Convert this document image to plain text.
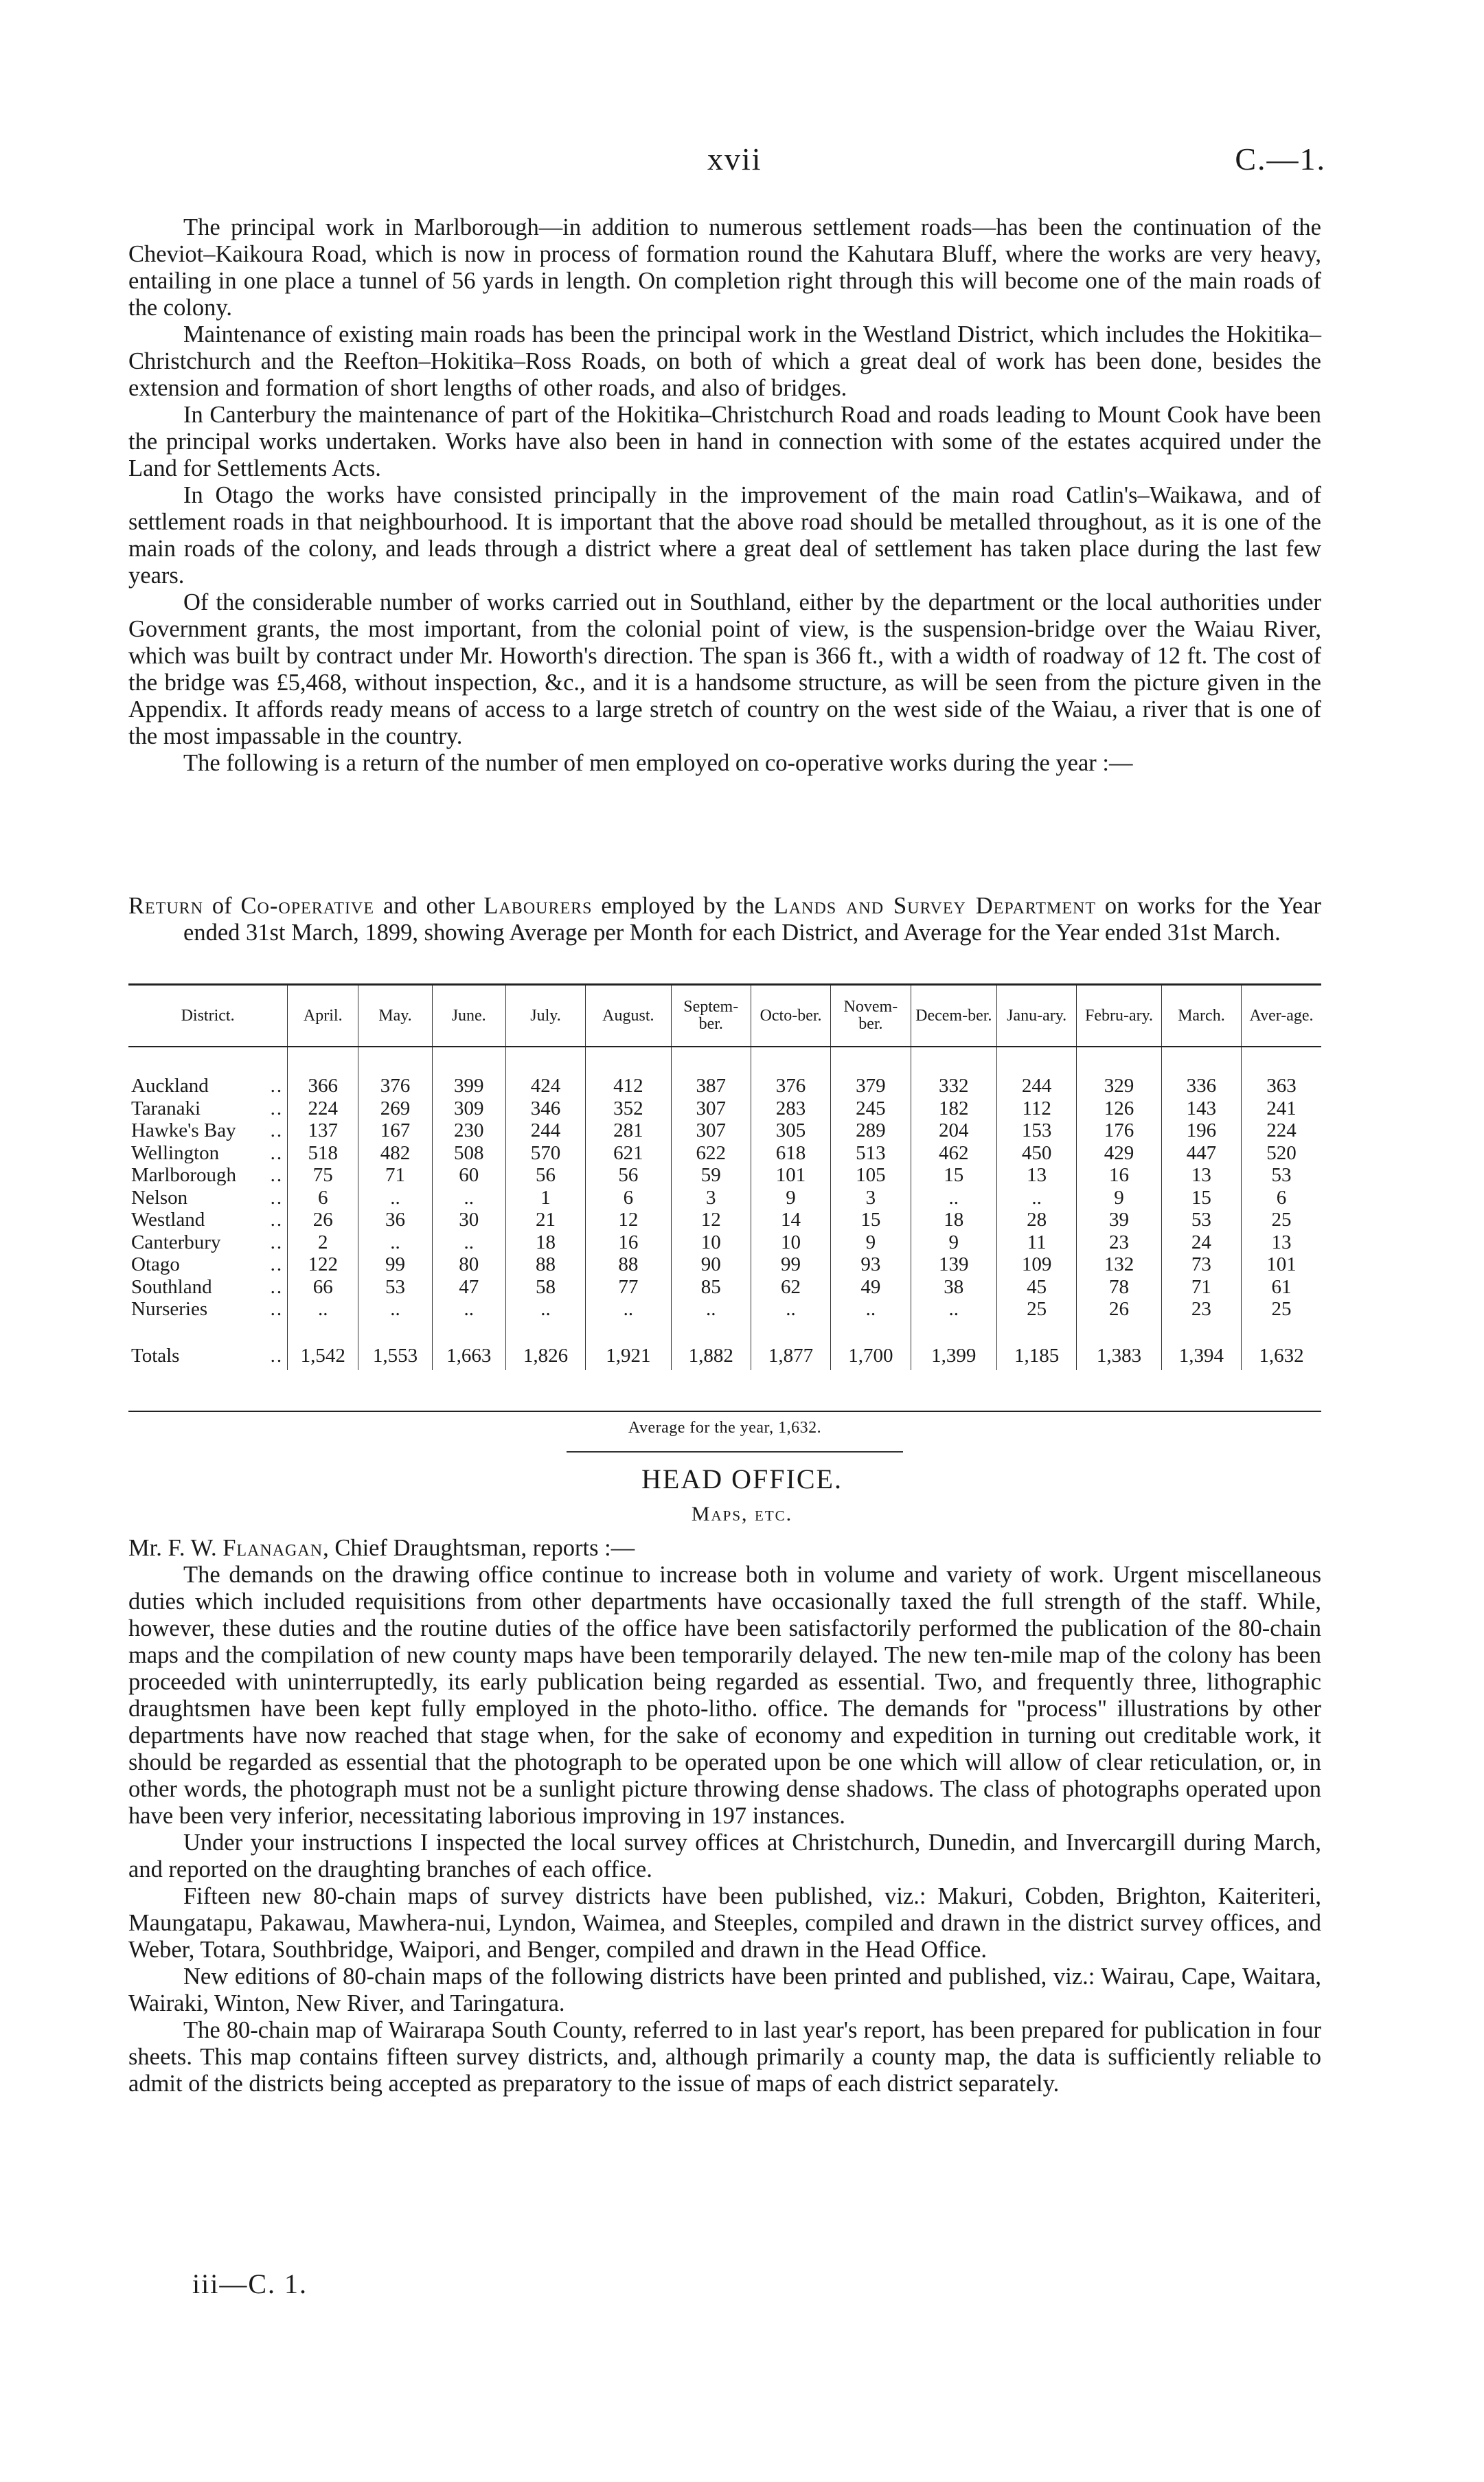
xvii	C.—1.

The principal work in Marlborough—in addition to numerous settlement roads—has been the continuation of the Cheviot–Kaikoura Road, which is now in process of formation round the Kahutara Bluff, where the works are very heavy, entailing in one place a tunnel of 56 yards in length. On completion right through this will become one of the main roads of the colony.

Maintenance of existing main roads has been the principal work in the Westland District, which includes the Hokitika–Christchurch and the Reefton–Hokitika–Ross Roads, on both of which a great deal of work has been done, besides the extension and formation of short lengths of other roads, and also of bridges.

In Canterbury the maintenance of part of the Hokitika–Christchurch Road and roads leading to Mount Cook have been the principal works undertaken. Works have also been in hand in connection with some of the estates acquired under the Land for Settlements Acts.

In Otago the works have consisted principally in the improvement of the main road Catlin's–Waikawa, and of settlement roads in that neighbourhood. It is important that the above road should be metalled throughout, as it is one of the main roads of the colony, and leads through a district where a great deal of settlement has taken place during the last few years.

Of the considerable number of works carried out in Southland, either by the department or the local authorities under Government grants, the most important, from the colonial point of view, is the suspension-bridge over the Waiau River, which was built by contract under Mr. Howorth's direction. The span is 366 ft., with a width of roadway of 12 ft. The cost of the bridge was £5,468, without inspection, &c., and it is a handsome structure, as will be seen from the picture given in the Appendix. It affords ready means of access to a large stretch of country on the west side of the Waiau, a river that is one of the most impassable in the country.

The following is a return of the number of men employed on co-operative works during the year :—

Return of Co-operative and other Labourers employed by the Lands and Survey Department on works for the Year ended 31st March, 1899, showing Average per Month for each District, and Average for the Year ended 31st March.
District.	April.	May.	June.	July.	August.	Septem-ber.	Octo-ber.	Novem-ber.	Decem-ber.	Janu-ary.	Febru-ary.	March.	Aver-age.

..
Auckland	366	376	399	424	412	387	376	379	332	244	329	336	363

..
Taranaki	224	269	309	346	352	307	283	245	182	112	126	143	241

..
Hawke's Bay	137	167	230	244	281	307	305	289	204	153	176	196	224

..
Wellington	518	482	508	570	621	622	618	513	462	450	429	447	520

..
Marlborough	75	71	60	56	56	59	101	105	15	13	16	13	53

..
Nelson	6	..	..	1	6	3	9	3	..	..	9	15	6

..
Westland	26	36	30	21	12	12	14	15	18	28	39	53	25

..
Canterbury	2	..	..	18	16	10	10	9	9	11	23	24	13

..
Otago	122	99	80	88	88	90	99	93	139	109	132	73	101

..
Southland	66	53	47	58	77	85	62	49	38	45	78	71	61

..
Nurseries	..	..	..	..	..	..	..	..	..	25	26	23	25

..
Totals	1,542	1,553	1,663	1,826	1,921	1,882	1,877	1,700	1,399	1,185	1,383	1,394	1,632
Average for the year, 1,632.
HEAD OFFICE.
Maps, etc.

Mr. F. W. Flanagan, Chief Draughtsman, reports :—

The demands on the drawing office continue to increase both in volume and variety of work. Urgent miscellaneous duties which included requisitions from other departments have occasionally taxed the full strength of the staff. While, however, these duties and the routine duties of the office have been satisfactorily performed the publication of the 80-chain maps and the compilation of new county maps have been temporarily delayed. The new ten-mile map of the colony has been proceeded with uninterruptedly, its early publication being regarded as essential. Two, and frequently three, lithographic draughtsmen have been kept fully employed in the photo-litho. office. The demands for "process" illustrations by other departments have now reached that stage when, for the sake of economy and expedition in turning out creditable work, it should be regarded as essential that the photograph to be operated upon be one which will allow of clear reticulation, or, in other words, the photograph must not be a sunlight picture throwing dense shadows. The class of photographs operated upon have been very inferior, necessitating laborious improving in 197 instances.

Under your instructions I inspected the local survey offices at Christchurch, Dunedin, and Invercargill during March, and reported on the draughting branches of each office.

Fifteen new 80-chain maps of survey districts have been published, viz.: Makuri, Cobden, Brighton, Kaiteriteri, Maungatapu, Pakawau, Mawhera-nui, Lyndon, Waimea, and Steeples, compiled and drawn in the district survey offices, and Weber, Totara, Southbridge, Waipori, and Benger, compiled and drawn in the Head Office.

New editions of 80-chain maps of the following districts have been printed and published, viz.: Wairau, Cape, Waitara, Wairaki, Winton, New River, and Taringatura.

The 80-chain map of Wairarapa South County, referred to in last year's report, has been prepared for publication in four sheets. This map contains fifteen survey districts, and, although primarily a county map, the data is sufficiently reliable to admit of the districts being accepted as preparatory to the issue of maps of each district separately.

iii—C. 1.
